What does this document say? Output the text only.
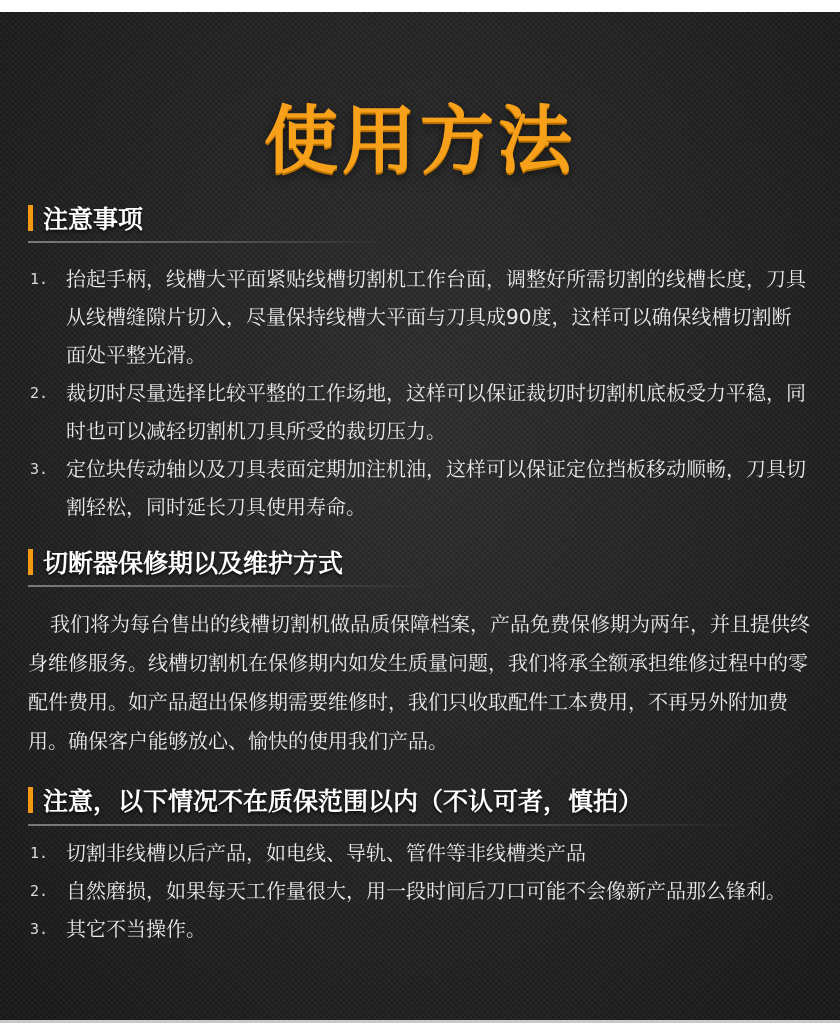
使用方法
注意事项
1. 抬起手柄，线槽大平面紧贴线槽切割机工作台面，调整好所需切割的线槽长度，刀具从线槽缝隙片切入，尽量保持线槽大平面与刀具成90度，这样可以确保线槽切割断面处平整光滑。
2. 裁切时尽量选择比较平整的工作场地，这样可以保证裁切时切割机底板受力平稳，同时也可以减轻切割机刀具所受的裁切压力。
3. 定位块传动轴以及刀具表面定期加注机油，这样可以保证定位挡板移动顺畅，刀具切割轻松，同时延长刀具使用寿命。
切断器保修期以及维护方式
我们将为每台售出的线槽切割机做品质保障档案，产品免费保修期为两年，并且提供终身维修服务。线槽切割机在保修期内如发生质量问题，我们将承全额承担维修过程中的零配件费用。如产品超出保修期需要维修时，我们只收取配件工本费用，不再另外附加费用。确保客户能够放心、愉快的使用我们产品。
注意，以下情况不在质保范围以内（不认可者，慎拍）
1. 切割非线槽以后产品，如电线、导轨、管件等非线槽类产品
2. 自然磨损，如果每天工作量很大，用一段时间后刀口可能不会像新产品那么锋利。
3. 其它不当操作。
